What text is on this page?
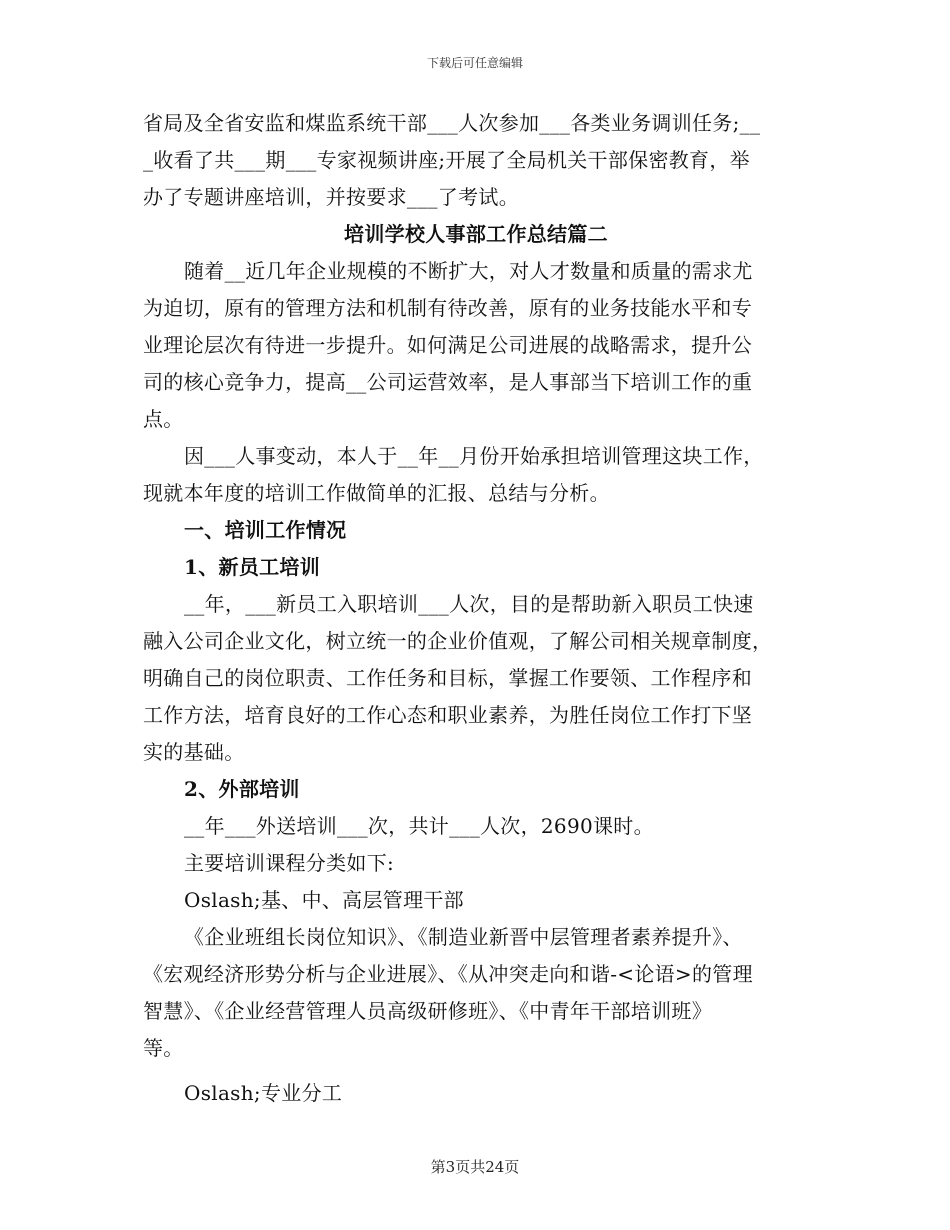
下载后可任意编辑
省局及全省安监和煤监系统干部___人次参加___各类业务调训任务;__
_收看了共___期___专家视频讲座;开展了全局机关干部保密教育，举
办了专题讲座培训，并按要求___了考试。
培训学校人事部工作总结篇二
随着__近几年企业规模的不断扩大，对人才数量和质量的需求尤
为迫切，原有的管理方法和机制有待改善，原有的业务技能水平和专
业理论层次有待进一步提升。如何满足公司进展的战略需求，提升公
司的核心竞争力，提高__公司运营效率，是人事部当下培训工作的重
点。
因___人事变动，本人于__年__月份开始承担培训管理这块工作，
现就本年度的培训工作做简单的汇报、总结与分析。
一、培训工作情况
1、新员工培训
__年，___新员工入职培训___人次，目的是帮助新入职员工快速
融入公司企业文化，树立统一的企业价值观，了解公司相关规章制度，
明确自己的岗位职责、工作任务和目标，掌握工作要领、工作程序和
工作方法，培育良好的工作心态和职业素养，为胜任岗位工作打下坚
实的基础。
2、外部培训
__年___外送培训___次，共计___人次，2690课时。
主要培训课程分类如下:
Oslash;基、中、高层管理干部
《企业班组长岗位知识》、《制造业新晋中层管理者素养提升》、
《宏观经济形势分析与企业进展》、《从冲突走向和谐-<论语>的管理
智慧》、《企业经营管理人员高级研修班》、《中青年干部培训班》
等。
Oslash;专业分工
第3页共24页
